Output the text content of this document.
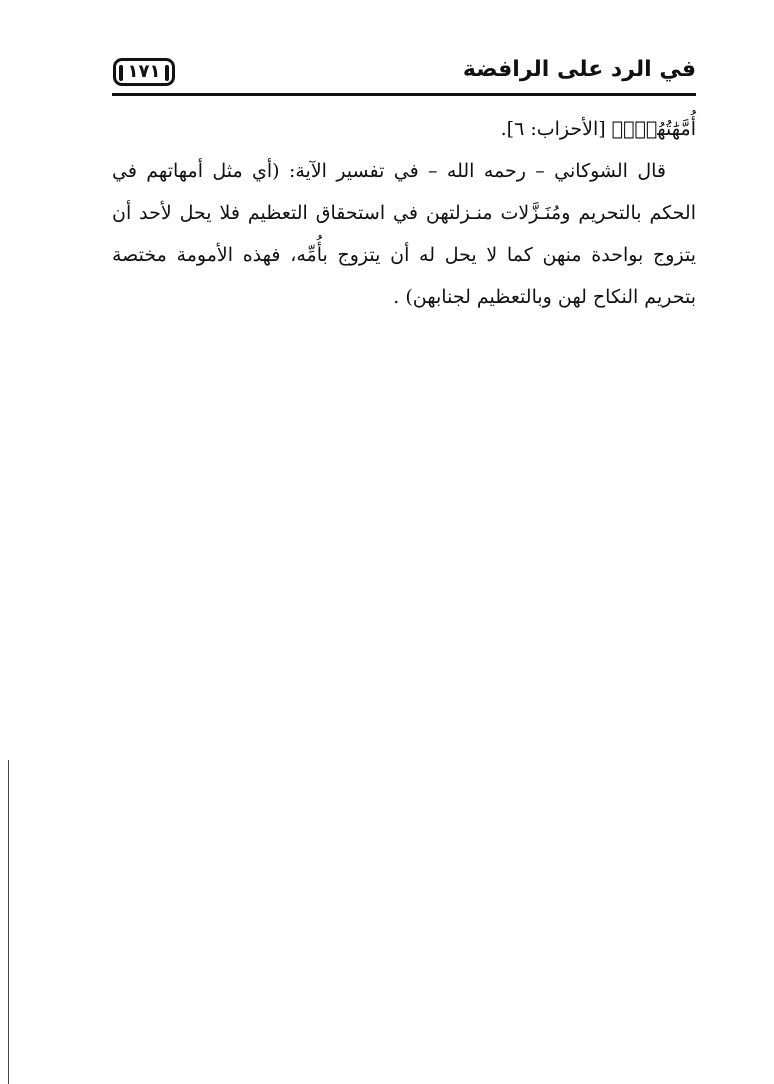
في الرد على الرافضة
١٧١

أُمَّهَٰتُهُمۡۗ﴾ [الأحزاب: ٦].

قال الشوكاني – رحمه الله – في تفسير الآية: (أي مثل أمهاتهم في الحكم بالتحريم ومُنَـزَّلات منـزلتهن في استحقاق التعظيم فلا يحل لأحد أن يتزوج بواحدة منهن كما لا يحل له أن يتزوج بأُمِّه، فهذه الأمومة مختصة بتحريم النكاح لهن وبالتعظيم لجنابهن) .
